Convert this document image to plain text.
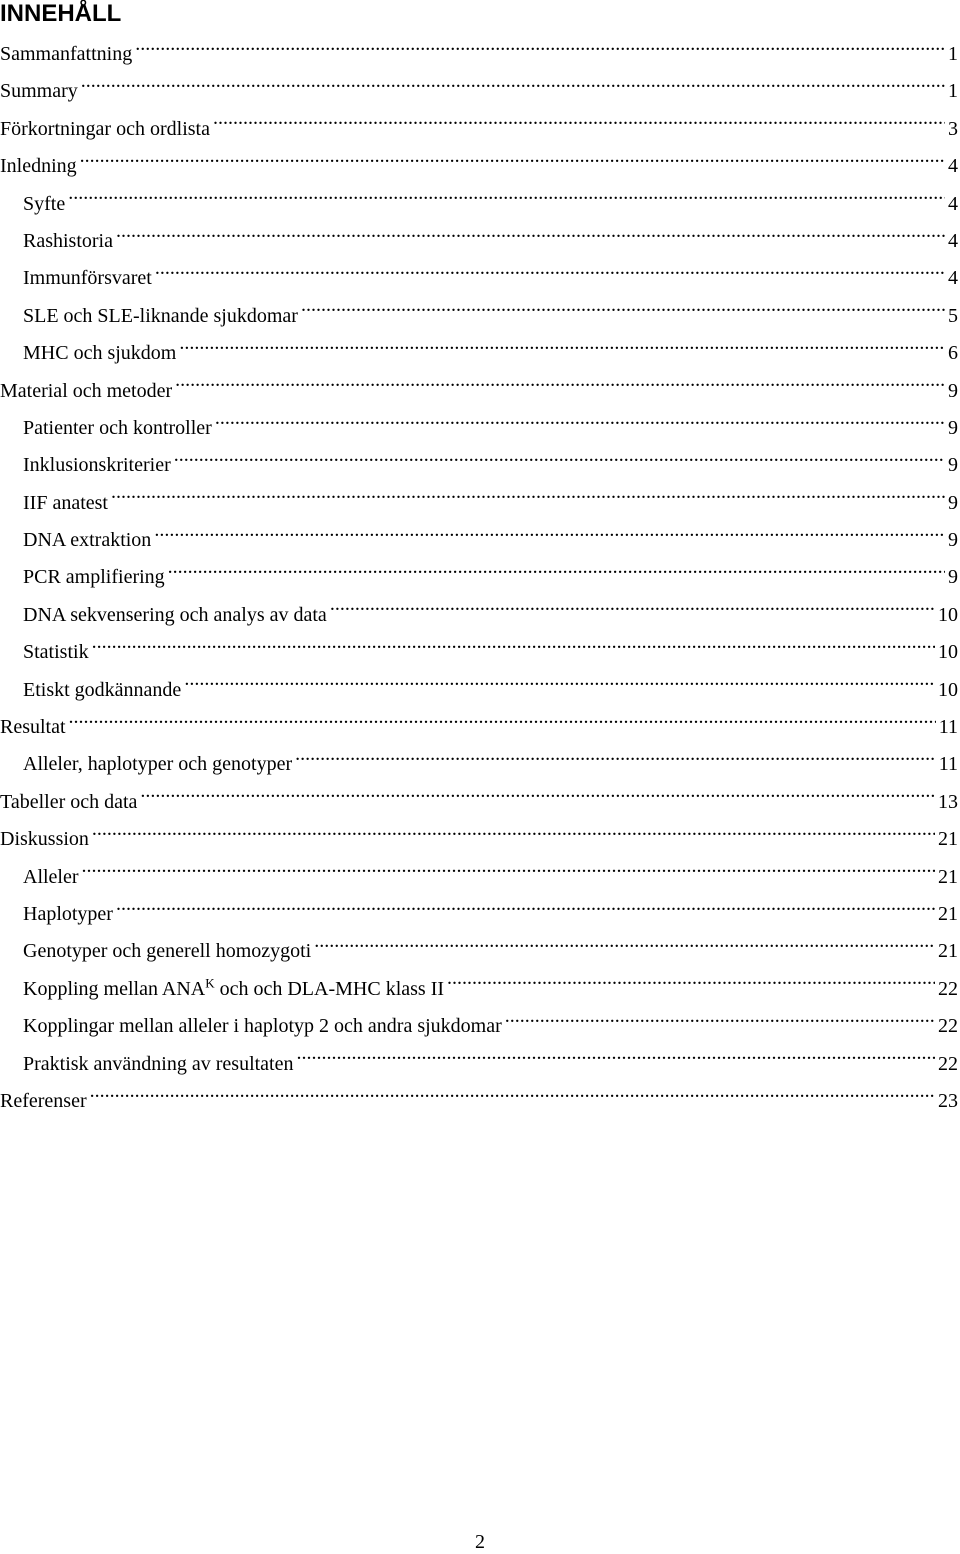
INNEHÅLL
Sammanfattning .....	1
Summary .....	1
Förkortningar och ordlista .....	3
Inledning .....	4
Syfte .....	4
Rashistoria .....	4
Immunförsvaret .....	4
SLE och SLE-liknande sjukdomar .....	5
MHC och sjukdom .....	6
Material och metoder .....	9
Patienter och kontroller .....	9
Inklusionskriterier .....	9
IIF anatest .....	9
DNA extraktion .....	9
PCR amplifiering .....	9
DNA sekvensering och analys av data .....	10
Statistik .....	10
Etiskt godkännande .....	10
Resultat .....	11
Alleler, haplotyper och genotyper .....	11
Tabeller och data .....	13
Diskussion .....	21
Alleler .....	21
Haplotyper .....	21
Genotyper och generell homozygoti .....	21
Koppling mellan $ANA^K$ och och DLA-MHC klass II .....	22
Kopplingar mellan alleler i haplotyp 2 och andra sjukdomar .....	22
Praktisk användning av resultaten .....	22
Referenser .....	23
2
